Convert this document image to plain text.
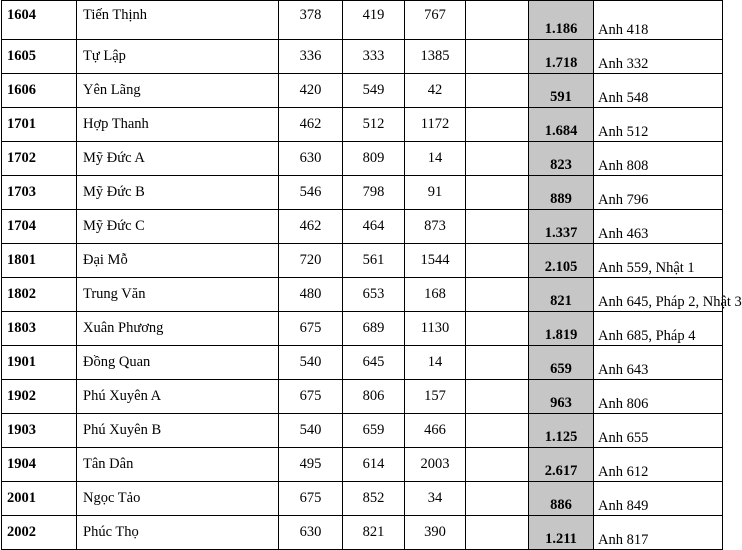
1604	Tiến Thịnh	378	419	767		1.186	Anh 418
1605	Tự Lập	336	333	1385		1.718	Anh 332
1606	Yên Lãng	420	549	42		591	Anh 548
1701	Hợp Thanh	462	512	1172		1.684	Anh 512
1702	Mỹ Đức A	630	809	14		823	Anh 808
1703	Mỹ Đức B	546	798	91		889	Anh 796
1704	Mỹ Đức C	462	464	873		1.337	Anh 463
1801	Đại Mỗ	720	561	1544		2.105	Anh 559, Nhật 1
1802	Trung Văn	480	653	168		821	Anh 645, Pháp 2, Nhật 3
1803	Xuân Phương	675	689	1130		1.819	Anh 685, Pháp 4
1901	Đồng Quan	540	645	14		659	Anh 643
1902	Phú Xuyên A	675	806	157		963	Anh 806
1903	Phú Xuyên B	540	659	466		1.125	Anh 655
1904	Tân Dân	495	614	2003		2.617	Anh 612
2001	Ngọc Tảo	675	852	34		886	Anh 849
2002	Phúc Thọ	630	821	390		1.211	Anh 817
